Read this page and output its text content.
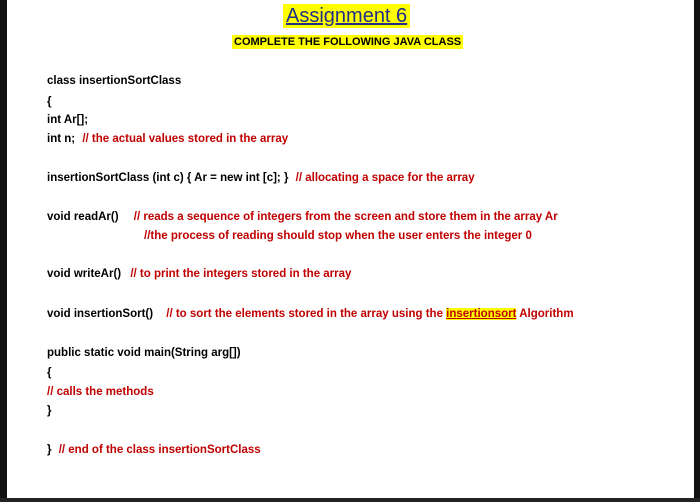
Assignment 6
COMPLETE THE FOLLOWING JAVA CLASS
class insertionSortClass
{
int Ar[];
int n; // the actual values stored in the array
insertionSortClass (int c) { Ar = new int [c]; } // allocating a space for the array
void readAr() // reads a sequence of integers from the screen and store them in the array Ar
//the process of reading should stop when the user enters the integer 0
void writeAr() // to print the integers stored in the array
void insertionSort() // to sort the elements stored in the array using the insertionsort Algorithm
public static void main(String arg[])
{
// calls the methods
}
} // end of the class insertionSortClass
